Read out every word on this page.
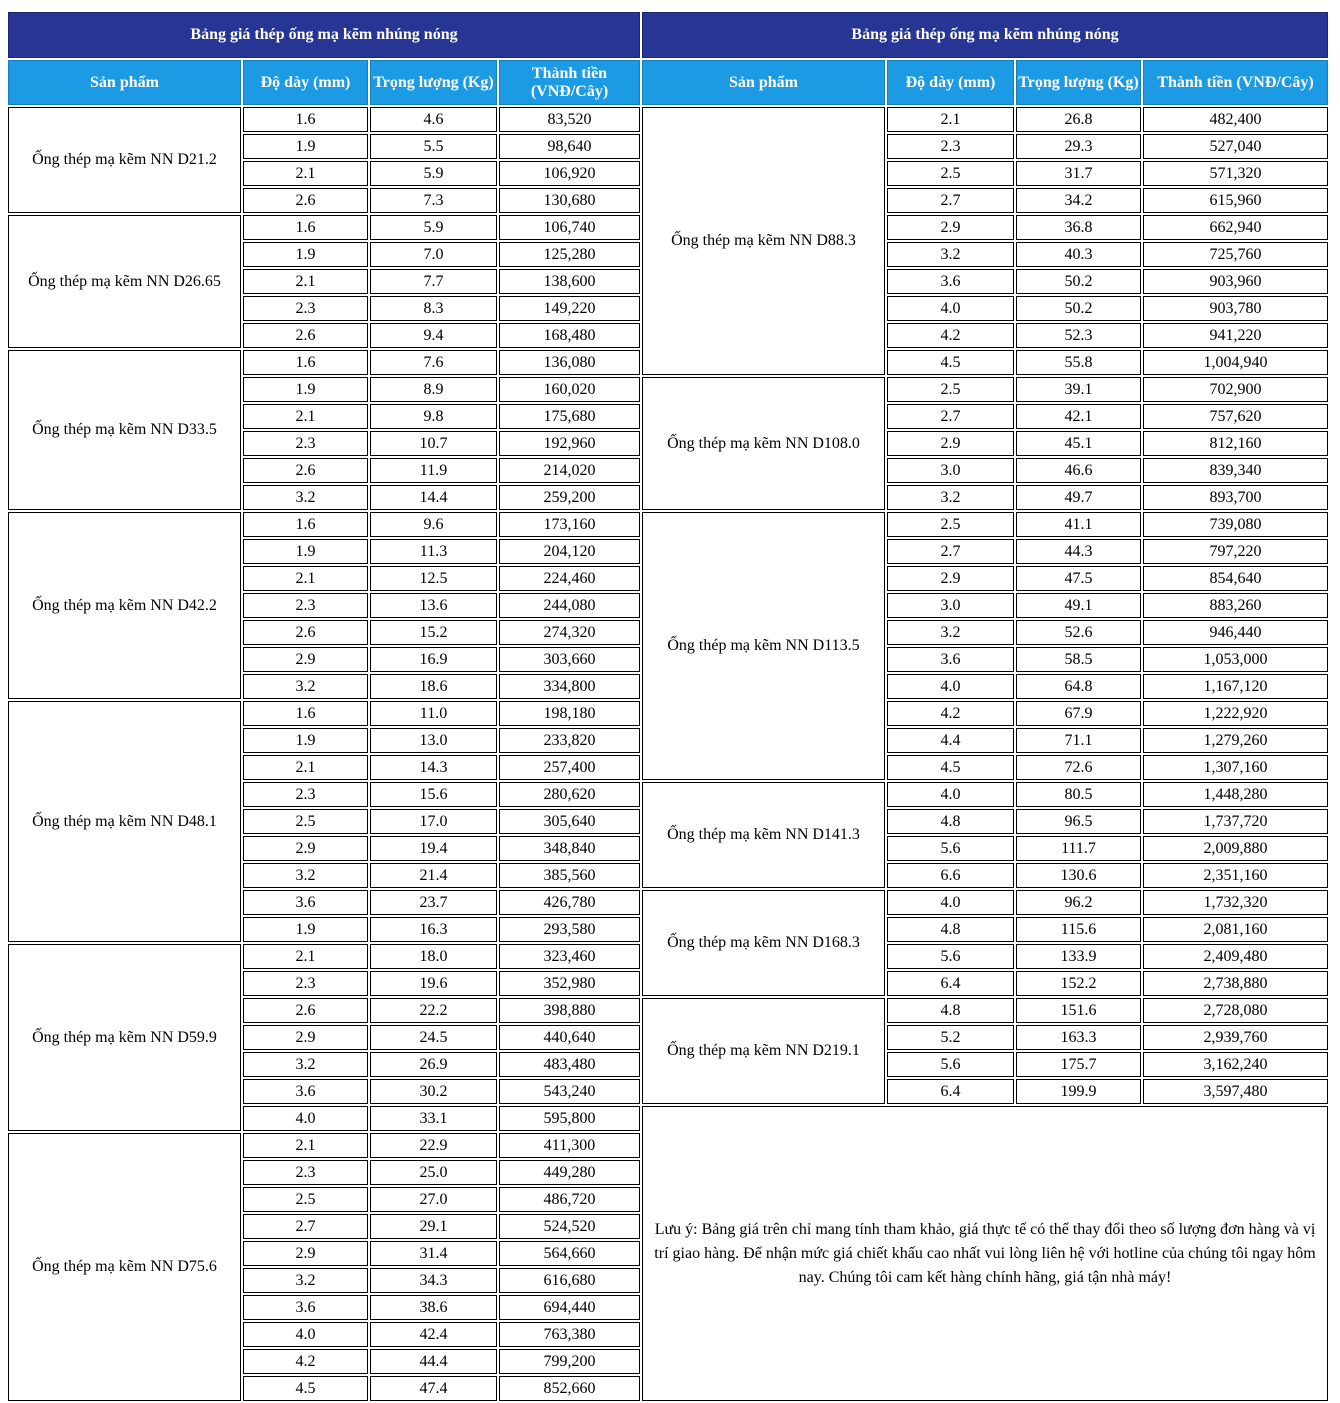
Bảng giá thép ống mạ kẽm nhúng nóng				Bảng giá thép ống mạ kẽm nhúng nóng			
Sản phẩm	Độ dày (mm)	Trọng lượng (Kg)	Thành tiền (VNĐ/Cây)	Sản phẩm	Độ dày (mm)	Trọng lượng (Kg)	Thành tiền (VNĐ/Cây)
Ống thép mạ kẽm NN D21.2	1.6	4.6	83,520	Ống thép mạ kẽm NN D88.3	2.1	26.8	482,400
	1.9	5.5	98,640		2.3	29.3	527,040
	2.1	5.9	106,920		2.5	31.7	571,320
	2.6	7.3	130,680		2.7	34.2	615,960
Ống thép mạ kẽm NN D26.65	1.6	5.9	106,740		2.9	36.8	662,940
	1.9	7.0	125,280		3.2	40.3	725,760
	2.1	7.7	138,600		3.6	50.2	903,960
	2.3	8.3	149,220		4.0	50.2	903,780
	2.6	9.4	168,480		4.2	52.3	941,220
Ống thép mạ kẽm NN D33.5	1.6	7.6	136,080		4.5	55.8	1,004,940
	1.9	8.9	160,020	Ống thép mạ kẽm NN D108.0	2.5	39.1	702,900
	2.1	9.8	175,680		2.7	42.1	757,620
	2.3	10.7	192,960		2.9	45.1	812,160
	2.6	11.9	214,020		3.0	46.6	839,340
	3.2	14.4	259,200		3.2	49.7	893,700
Ống thép mạ kẽm NN D42.2	1.6	9.6	173,160	Ống thép mạ kẽm NN D113.5	2.5	41.1	739,080
	1.9	11.3	204,120		2.7	44.3	797,220
	2.1	12.5	224,460		2.9	47.5	854,640
	2.3	13.6	244,080		3.0	49.1	883,260
	2.6	15.2	274,320		3.2	52.6	946,440
	2.9	16.9	303,660		3.6	58.5	1,053,000
	3.2	18.6	334,800		4.0	64.8	1,167,120
Ống thép mạ kẽm NN D48.1	1.6	11.0	198,180		4.2	67.9	1,222,920
	1.9	13.0	233,820		4.4	71.1	1,279,260
	2.1	14.3	257,400		4.5	72.6	1,307,160
	2.3	15.6	280,620	Ống thép mạ kẽm NN D141.3	4.0	80.5	1,448,280
	2.5	17.0	305,640		4.8	96.5	1,737,720
	2.9	19.4	348,840		5.6	111.7	2,009,880
	3.2	21.4	385,560		6.6	130.6	2,351,160
	3.6	23.7	426,780	Ống thép mạ kẽm NN D168.3	4.0	96.2	1,732,320
	1.9	16.3	293,580		4.8	115.6	2,081,160
Ống thép mạ kẽm NN D59.9	2.1	18.0	323,460		5.6	133.9	2,409,480
	2.3	19.6	352,980		6.4	152.2	2,738,880
	2.6	22.2	398,880	Ống thép mạ kẽm NN D219.1	4.8	151.6	2,728,080
	2.9	24.5	440,640		5.2	163.3	2,939,760
	3.2	26.9	483,480		5.6	175.7	3,162,240
	3.6	30.2	543,240		6.4	199.9	3,597,480
	4.0	33.1	595,800	Lưu ý: Bảng giá trên chỉ mang tính tham khảo, giá thực tế có thể thay đổi theo số lượng đơn hàng và vị trí giao hàng. Để nhận mức giá chiết khấu cao nhất vui lòng liên hệ với hotline của chúng tôi ngay hôm nay. Chúng tôi cam kết hàng chính hãng, giá tận nhà máy!			
Ống thép mạ kẽm NN D75.6	2.1	22.9	411,300				
	2.3	25.0	449,280				
	2.5	27.0	486,720				
	2.7	29.1	524,520				
	2.9	31.4	564,660				
	3.2	34.3	616,680				
	3.6	38.6	694,440				
	4.0	42.4	763,380				
	4.2	44.4	799,200				
	4.5	47.4	852,660				
